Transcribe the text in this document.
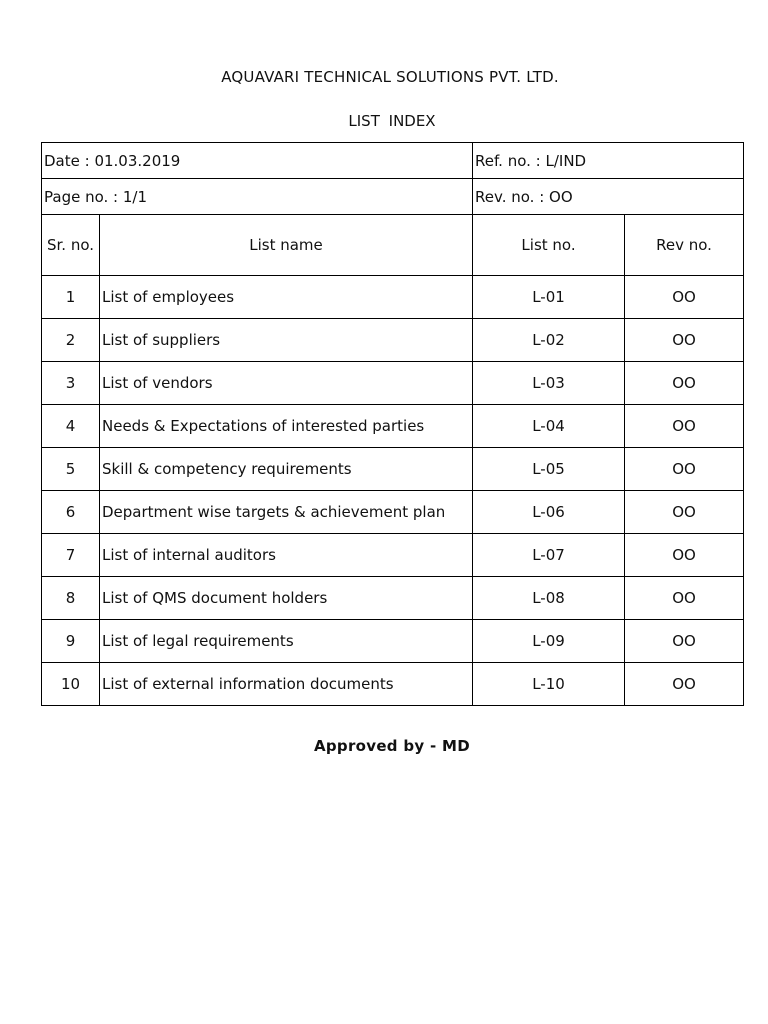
AQUAVARI TECHNICAL SOLUTIONS PVT. LTD.
LIST INDEX
Date : 01.03.2019		Ref. no. : L/IND	
Page no. : 1/1		Rev. no. : OO	
Sr. no.	List name	List no.	Rev no.
1	List of employees	L-01	OO
2	List of suppliers	L-02	OO
3	List of vendors	L-03	OO
4	Needs & Expectations of interested parties	L-04	OO
5	Skill & competency requirements	L-05	OO
6	Department wise targets & achievement plan	L-06	OO
7	List of internal auditors	L-07	OO
8	List of QMS document holders	L-08	OO
9	List of legal requirements	L-09	OO
10	List of external information documents	L-10	OO
Approved by - MD
